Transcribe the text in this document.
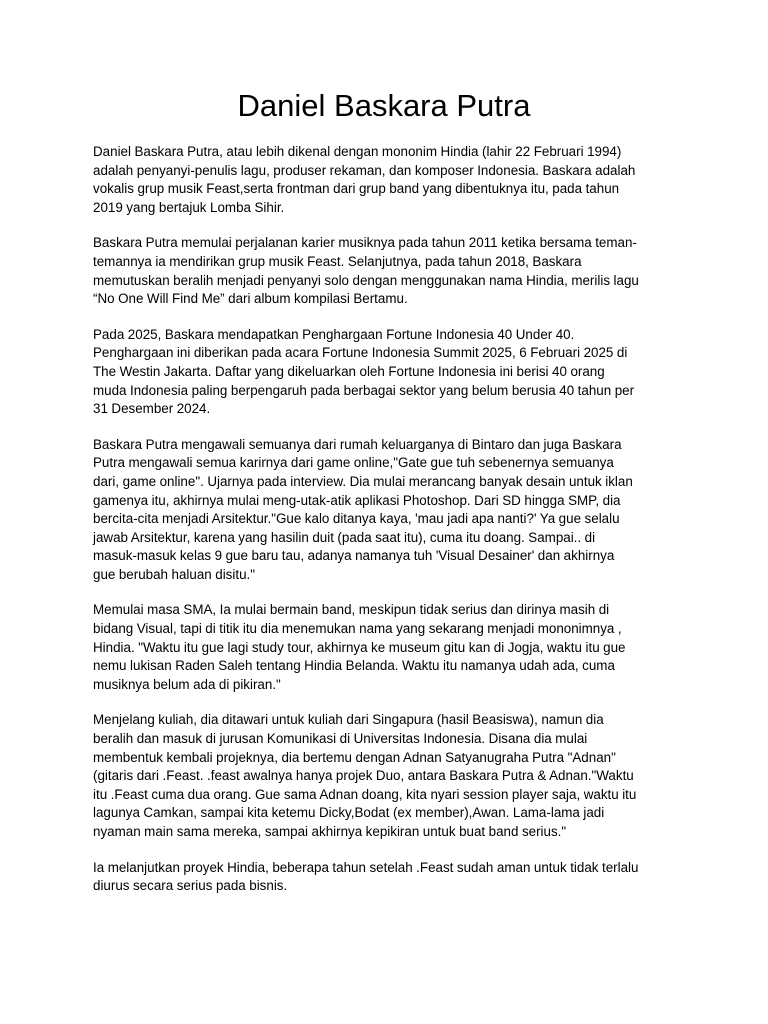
Daniel Baskara Putra

Daniel Baskara Putra, atau lebih dikenal dengan mononim Hindia (lahir 22 Februari 1994)
adalah penyanyi-penulis lagu, produser rekaman, dan komposer Indonesia. Baskara adalah
vokalis grup musik Feast,serta frontman dari grup band yang dibentuknya itu, pada tahun
2019 yang bertajuk Lomba Sihir.

Baskara Putra memulai perjalanan karier musiknya pada tahun 2011 ketika bersama teman-
temannya ia mendirikan grup musik Feast. Selanjutnya, pada tahun 2018, Baskara
memutuskan beralih menjadi penyanyi solo dengan menggunakan nama Hindia, merilis lagu
“No One Will Find Me” dari album kompilasi Bertamu.

Pada 2025, Baskara mendapatkan Penghargaan Fortune Indonesia 40 Under 40.
Penghargaan ini diberikan pada acara Fortune Indonesia Summit 2025, 6 Februari 2025 di
The Westin Jakarta. Daftar yang dikeluarkan oleh Fortune Indonesia ini berisi 40 orang
muda Indonesia paling berpengaruh pada berbagai sektor yang belum berusia 40 tahun per
31 Desember 2024.

Baskara Putra mengawali semuanya dari rumah keluarganya di Bintaro dan juga Baskara
Putra mengawali semua karirnya dari game online,"Gate gue tuh sebenernya semuanya
dari, game online". Ujarnya pada interview. Dia mulai merancang banyak desain untuk iklan
gamenya itu, akhirnya mulai meng-utak-atik aplikasi Photoshop. Dari SD hingga SMP, dia
bercita-cita menjadi Arsitektur."Gue kalo ditanya kaya, 'mau jadi apa nanti?' Ya gue selalu
jawab Arsitektur, karena yang hasilin duit (pada saat itu), cuma itu doang. Sampai.. di
masuk-masuk kelas 9 gue baru tau, adanya namanya tuh 'Visual Desainer' dan akhirnya
gue berubah haluan disitu."

Memulai masa SMA, Ia mulai bermain band, meskipun tidak serius dan dirinya masih di
bidang Visual, tapi di titik itu dia menemukan nama yang sekarang menjadi mononimnya ,
Hindia. "Waktu itu gue lagi study tour, akhirnya ke museum gitu kan di Jogja, waktu itu gue
nemu lukisan Raden Saleh tentang Hindia Belanda. Waktu itu namanya udah ada, cuma
musiknya belum ada di pikiran."

Menjelang kuliah, dia ditawari untuk kuliah dari Singapura (hasil Beasiswa), namun dia
beralih dan masuk di jurusan Komunikasi di Universitas Indonesia. Disana dia mulai
membentuk kembali projeknya, dia bertemu dengan Adnan Satyanugraha Putra "Adnan"
(gitaris dari .Feast. .feast awalnya hanya projek Duo, antara Baskara Putra & Adnan."Waktu
itu .Feast cuma dua orang. Gue sama Adnan doang, kita nyari session player saja, waktu itu
lagunya Camkan, sampai kita ketemu Dicky,Bodat (ex member),Awan. Lama-lama jadi
nyaman main sama mereka, sampai akhirnya kepikiran untuk buat band serius."

Ia melanjutkan proyek Hindia, beberapa tahun setelah .Feast sudah aman untuk tidak terlalu
diurus secara serius pada bisnis.
